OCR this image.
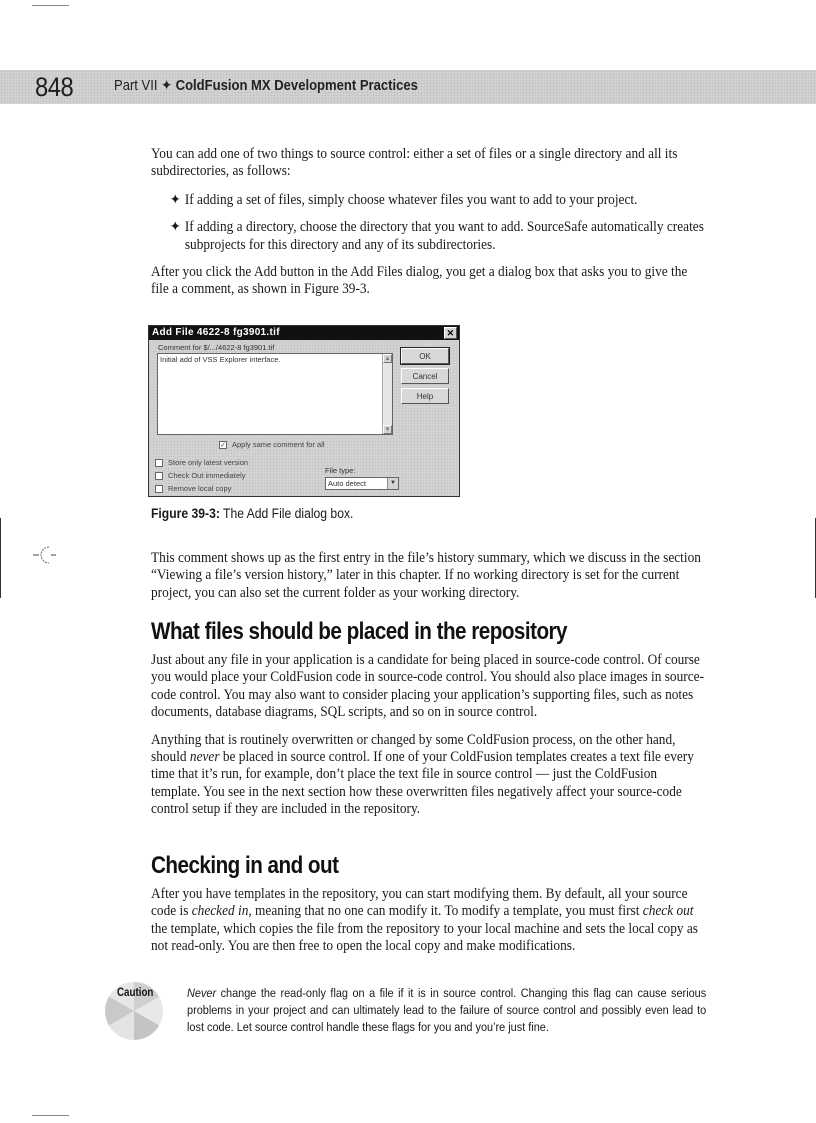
848	Part VII ✦ ColdFusion MX Development Practices

You can add one of two things to source control: either a set of files or a single directory and all its subdirectories, as follows:

✦ If adding a set of files, simply choose whatever files you want to add to your project.
✦ If adding a directory, choose the directory that you want to add. SourceSafe automatically creates subprojects for this directory and any of its subdirectories.

After you click the Add button in the Add Files dialog, you get a dialog box that asks you to give the file a comment, as shown in Figure 39-3.

Add File 4622-8 fg3901.tif	✕
Comment for $/.../4622-8 fg3901.tif
Initial add of VSS Explorer interface.	▲
▼
OK
Cancel
Help
✓ Apply same comment for all
Store only latest version
Check Out immediately
Remove local copy
File type:
Auto detect	▼
Figure 39-3: The Add File dialog box.

This comment shows up as the first entry in the file’s history summary, which we discuss in the section “Viewing a file’s version history,” later in this chapter. If no working directory is set for the current project, you can also set the current folder as your working directory.

What files should be placed in the repository

Just about any file in your application is a candidate for being placed in source-code control. Of course you would place your ColdFusion code in source-code control. You should also place images in source-code control. You may also want to consider placing your application’s supporting files, such as notes documents, database diagrams, SQL scripts, and so on in source control.

Anything that is routinely overwritten or changed by some ColdFusion process, on the other hand, should never be placed in source control. If one of your ColdFusion templates creates a text file every time that it’s run, for example, don’t place the text file in source control — just the ColdFusion template. You see in the next section how these overwritten files negatively affect your source-code control setup if they are included in the repository.

Checking in and out

After you have templates in the repository, you can start modifying them. By default, all your source code is checked in, meaning that no one can modify it. To modify a template, you must first check out the template, which copies the file from the repository to your local machine and sets the local copy as not read-only. You are then free to open the local copy and make modifications.

Caution	Never change the read-only flag on a file if it is in source control. Changing this flag can cause serious problems in your project and can ultimately lead to the failure of source control and possibly even lead to lost code. Let source control handle these flags for you and you’re just fine.
